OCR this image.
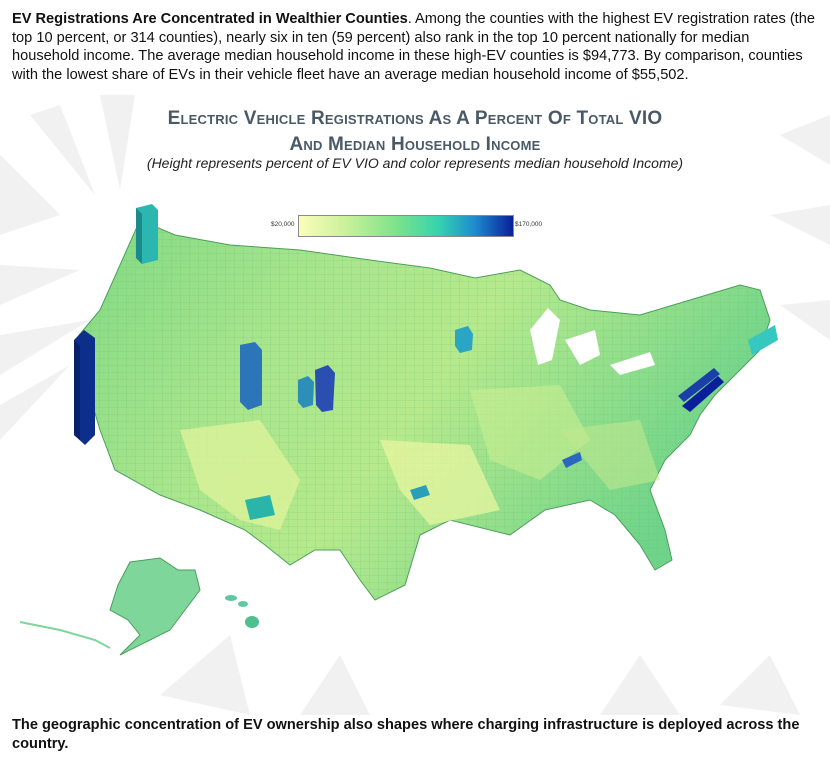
EV Registrations Are Concentrated in Wealthier Counties. Among the counties with the highest EV registration rates (the top 10 percent, or 314 counties), nearly six in ten (59 percent) also rank in the top 10 percent nationally for median household income. The average median household income in these high-EV counties is $94,773. By comparison, counties with the lowest share of EVs in their vehicle fleet have an average median household income of $55,502.
Electric Vehicle Registrations As A Percent Of Total VIO
And Median Household Income
(Height represents percent of EV VIO and color represents median household Income)
$20,000	$170,000
The geographic concentration of EV ownership also shapes where charging infrastructure is deployed across the country.
